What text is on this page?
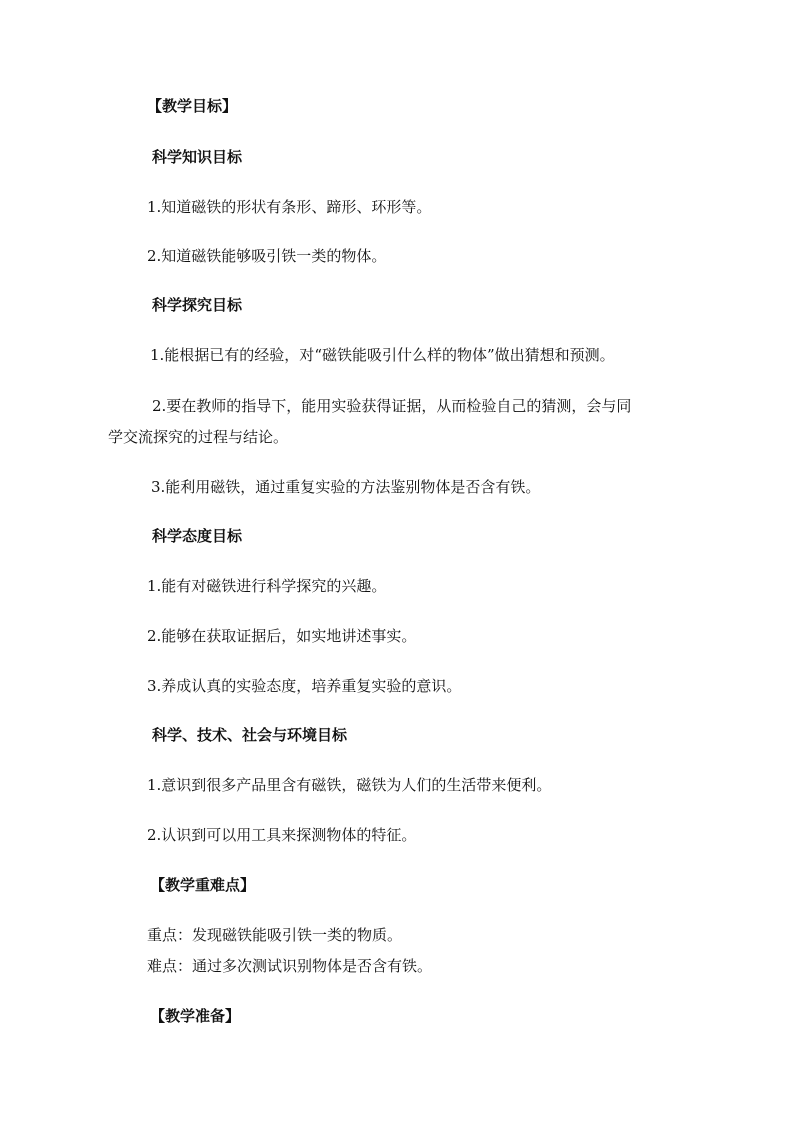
【教学目标】
科学知识目标
1.知道磁铁的形状有条形、蹄形、环形等。
2.知道磁铁能够吸引铁一类的物体。
科学探究目标
1.能根据已有的经验，对“磁铁能吸引什么样的物体”做出猜想和预测。
2.要在教师的指导下，能用实验获得证据，从而检验自己的猜测，会与同
学交流探究的过程与结论。
3.能利用磁铁，通过重复实验的方法鉴别物体是否含有铁。
科学态度目标
1.能有对磁铁进行科学探究的兴趣。
2.能够在获取证据后，如实地讲述事实。
3.养成认真的实验态度，培养重复实验的意识。
科学、技术、社会与环境目标
1.意识到很多产品里含有磁铁，磁铁为人们的生活带来便利。
2.认识到可以用工具来探测物体的特征。
【教学重难点】
重点：发现磁铁能吸引铁一类的物质。
难点：通过多次测试识别物体是否含有铁。
【教学准备】
